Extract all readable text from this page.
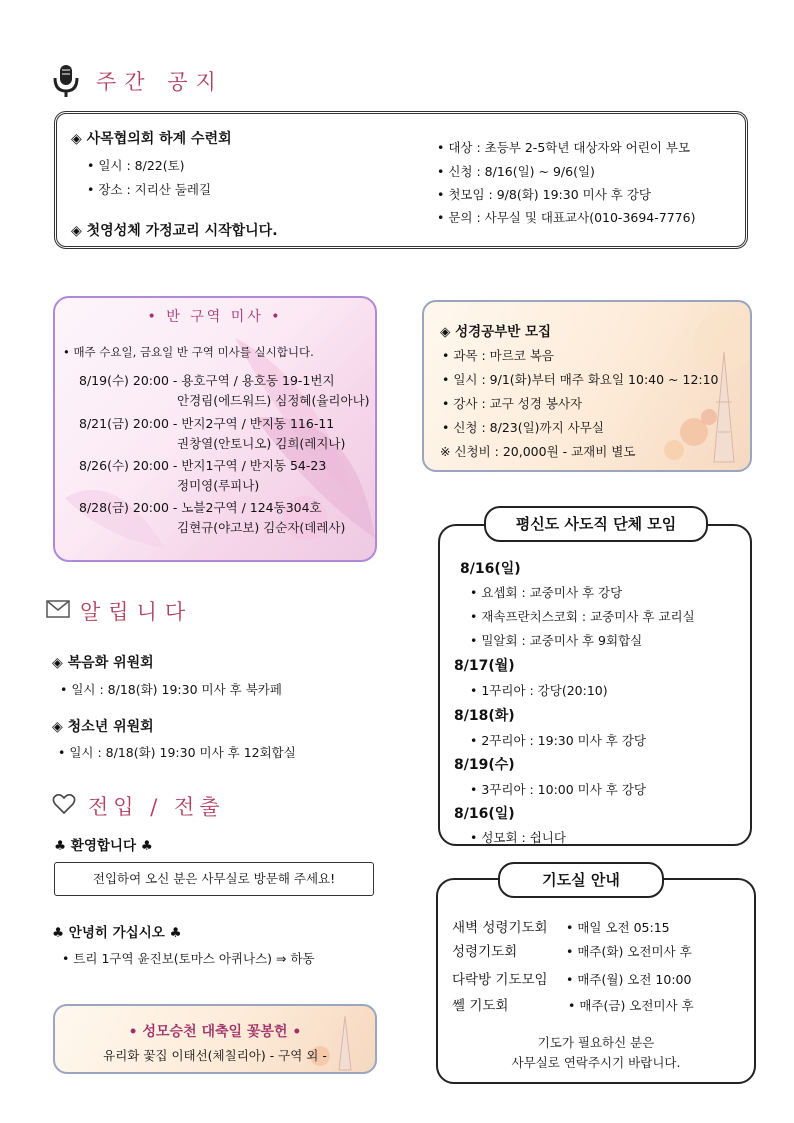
주간 공지
◈ 사목협의회 하계 수련회
• 일시 : 8/22(토)
• 장소 : 지리산 둘레길
◈ 첫영성체 가정교리 시작합니다.
• 대상 : 초등부 2-5학년 대상자와 어린이 부모
• 신청 : 8/16(일) ~ 9/6(일)
• 첫모임 : 9/8(화) 19:30 미사 후 강당
• 문의 : 사무실 및 대표교사(010-3694-7776)
• 반 구역 미사 •
• 매주 수요일, 금요일 반 구역 미사를 실시합니다.
8/19(수) 20:00 - 용호구역 / 용호동 19-1번지
안경림(에드워드) 심정혜(율리아나)
8/21(금) 20:00 - 반지2구역 / 반지동 116-11
권창열(안토니오) 김희(레지나)
8/26(수) 20:00 - 반지1구역 / 반지동 54-23
정미영(루피나)
8/28(금) 20:00 - 노블2구역 / 124동304호
김현규(야고보) 김순자(데레사)
◈ 성경공부반 모집
• 과목 : 마르코 복음
• 일시 : 9/1(화)부터 매주 화요일 10:40 ~ 12:10
• 강사 : 교구 성경 봉사자
• 신청 : 8/23(일)까지 사무실
※ 신청비 : 20,000원 - 교재비 별도
8/16(일)
• 요셉회 : 교중미사 후 강당
• 재속프란치스코회 : 교중미사 후 교리실
• 밀알회 : 교중미사 후 9회합실
8/17(월)
• 1꾸리아 : 강당(20:10)
8/18(화)
• 2꾸리아 : 19:30 미사 후 강당
8/19(수)
• 3꾸리아 : 10:00 미사 후 강당
8/16(일)
• 성모회 : 쉽니다
평신도 사도직 단체 모임
알립니다
◈ 복음화 위원회
• 일시 : 8/18(화) 19:30 미사 후 북카페
◈ 청소년 위원회
• 일시 : 8/18(화) 19:30 미사 후 12회합실
전입 / 전출
♣ 환영합니다 ♣
전입하여 오신 분은 사무실로 방문해 주세요!
♣ 안녕히 가십시오 ♣
• 트리 1구역 윤진보(토마스 아퀴나스) ⇒ 하동
• 성모승천 대축일 꽃봉헌 •
유리화 꽃집 이태선(체칠리아) - 구역 외 -
새벽 성령기도회 • 매일 오전 05:15
성령기도회	• 매주(화) 오전미사 후
다락방 기도모임 • 매주(월) 오전 10:00
쎌 기도회	• 매주(금) 오전미사 후
기도가 필요하신 분은
사무실로 연락주시기 바랍니다.
기도실 안내
